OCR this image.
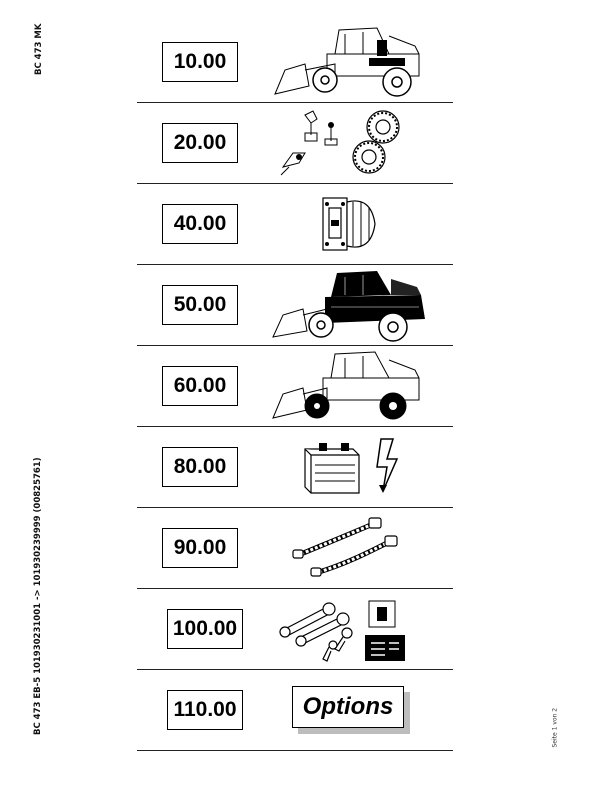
BC 473 MK
BC 473 EB-5 101930231001 -> 101930239999 (00825761)	Seite 1 von 2
10.00
20.00
40.00
50.00
60.00
80.00
90.00
100.00
110.00	Options
